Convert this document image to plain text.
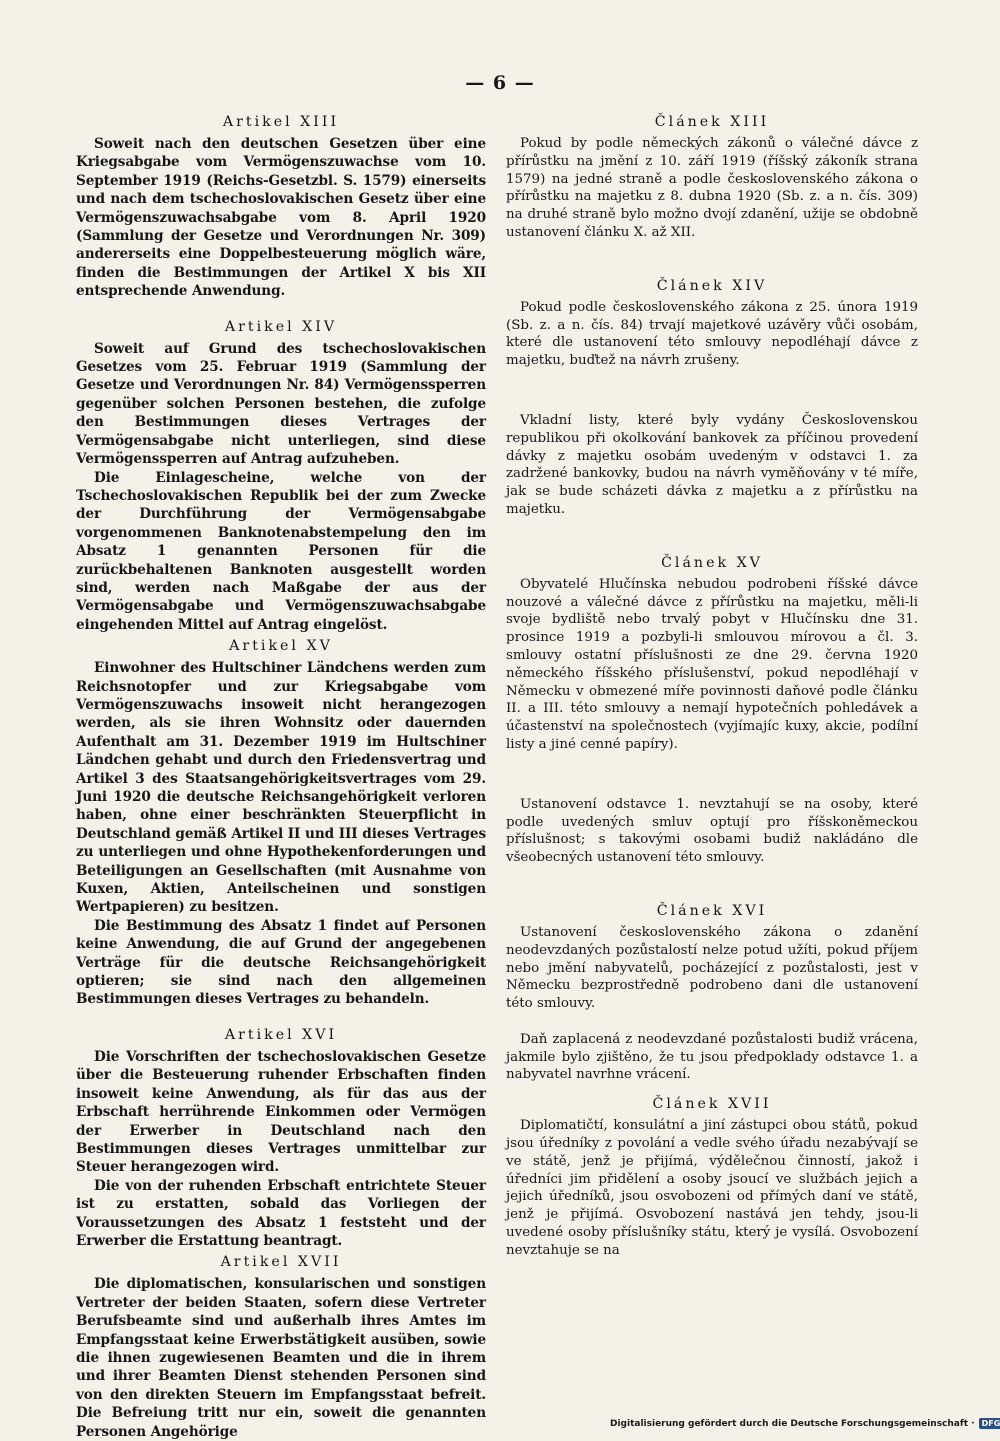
— 6 —
Artikel XIII

Soweit nach den deutschen Gesetzen über eine Kriegsabgabe vom Vermögenszuwachse vom 10. September 1919 (Reichs-Gesetzbl. S. 1579) einerseits und nach dem tschechoslovakischen Gesetz über eine Vermögenszuwachsabgabe vom 8. April 1920 (Sammlung der Gesetze und Verordnungen Nr. 309) andererseits eine Doppelbesteuerung möglich wäre, finden die Bestimmungen der Artikel X bis XII entsprechende Anwendung.

Artikel XIV

Soweit auf Grund des tschechoslovakischen Gesetzes vom 25. Februar 1919 (Sammlung der Gesetze und Verordnungen Nr. 84) Vermögenssperren gegenüber solchen Personen bestehen, die zufolge den Bestimmungen dieses Vertrages der Vermögensabgabe nicht unterliegen, sind diese Vermögenssperren auf Antrag aufzuheben.

Die Einlagescheine, welche von der Tschechoslovakischen Republik bei der zum Zwecke der Durchführung der Vermögensabgabe vorgenommenen Banknotenabstempelung den im Absatz 1 genannten Personen für die zurückbehaltenen Banknoten ausgestellt worden sind, werden nach Maßgabe der aus der Vermögensabgabe und Vermögenszuwachsabgabe eingehenden Mittel auf Antrag eingelöst.

Artikel XV

Einwohner des Hultschiner Ländchens werden zum Reichsnotopfer und zur Kriegsabgabe vom Vermögenszuwachs insoweit nicht herangezogen werden, als sie ihren Wohnsitz oder dauernden Aufenthalt am 31. Dezember 1919 im Hultschiner Ländchen gehabt und durch den Friedensvertrag und Artikel 3 des Staatsangehörigkeitsvertrages vom 29. Juni 1920 die deutsche Reichsangehörigkeit verloren haben, ohne einer beschränkten Steuerpflicht in Deutschland gemäß Artikel II und III dieses Vertrages zu unterliegen und ohne Hypothekenforderungen und Beteiligungen an Gesellschaften (mit Ausnahme von Kuxen, Aktien, Anteilscheinen und sonstigen Wertpapieren) zu besitzen.

Die Bestimmung des Absatz 1 findet auf Personen keine Anwendung, die auf Grund der angegebenen Verträge für die deutsche Reichsangehörigkeit optieren; sie sind nach den allgemeinen Bestimmungen dieses Vertrages zu behandeln.

Artikel XVI

Die Vorschriften der tschechoslovakischen Gesetze über die Besteuerung ruhender Erbschaften finden insoweit keine Anwendung, als für das aus der Erbschaft herrührende Einkommen oder Vermögen der Erwerber in Deutschland nach den Bestimmungen dieses Vertrages unmittelbar zur Steuer herangezogen wird.

Die von der ruhenden Erbschaft entrichtete Steuer ist zu erstatten, sobald das Vorliegen der Voraussetzungen des Absatz 1 feststeht und der Erwerber die Erstattung beantragt.

Artikel XVII

Die diplomatischen, konsularischen und sonstigen Vertreter der beiden Staaten, sofern diese Vertreter Berufsbeamte sind und außerhalb ihres Amtes im Empfangsstaat keine Erwerbstätigkeit ausüben, sowie die ihnen zugewiesenen Beamten und die in ihrem und ihrer Beamten Dienst stehenden Personen sind von den direkten Steuern im Empfangsstaat befreit. Die Befreiung tritt nur ein, soweit die genannten Personen Angehörige

Článek XIII

Pokud by podle německých zákonů o válečné dávce z přírůstku na jmění z 10. září 1919 (říšský zákoník strana 1579) na jedné straně a podle československého zákona o přírůstku na majetku z 8. dubna 1920 (Sb. z. a n. čís. 309) na druhé straně bylo možno dvojí zdanění, užije se obdobně ustanovení článku X. až XII.

Článek XIV

Pokud podle československého zákona z 25. února 1919 (Sb. z. a n. čís. 84) trvají majetkové uzávěry vůči osobám, které dle ustanovení této smlouvy nepodléhají dávce z majetku, buďtež na návrh zrušeny.

Vkladní listy, které byly vydány Československou republikou při okolkování bankovek za příčinou provedení dávky z majetku osobám uvedeným v odstavci 1. za zadržené bankovky, budou na návrh vyměňovány v té míře, jak se bude scházeti dávka z majetku a z přírůstku na majetku.

Článek XV

Obyvatelé Hlučínska nebudou podrobeni říšské dávce nouzové a válečné dávce z přírůstku na majetku, měli-li svoje bydliště nebo trvalý pobyt v Hlučínsku dne 31. prosince 1919 a pozbyli-li smlouvou mírovou a čl. 3. smlouvy ostatní příslušnosti ze dne 29. června 1920 německého říšského příslušenství, pokud nepodléhají v Německu v obmezené míře povinnosti daňové podle článku II. a III. této smlouvy a nemají hypotečních pohledávek a účastenství na společnostech (vyjímajíc kuxy, akcie, podílní listy a jiné cenné papíry).

Ustanovení odstavce 1. nevztahují se na osoby, které podle uvedených smluv optují pro říšskoněmeckou příslušnost; s takovými osobami budiž nakládáno dle všeobecných ustanovení této smlouvy.

Článek XVI

Ustanovení československého zákona o zdanění neodevzdaných pozůstalostí nelze potud užíti, pokud příjem nebo jmění nabyvatelů, pocházející z pozůstalosti, jest v Německu bezprostředně podrobeno dani dle ustanovení této smlouvy.

Daň zaplacená z neodevzdané pozůstalosti budiž vrácena, jakmile bylo zjištěno, že tu jsou předpoklady odstavce 1. a nabyvatel navrhne vrácení.

Článek XVII

Diplomatičtí, konsulátní a jiní zástupci obou států, pokud jsou úředníky z povolání a vedle svého úřadu nezabývají se ve státě, jenž je přijímá, výdělečnou činností, jakož i úředníci jim přidělení a osoby jsoucí ve službách jejich a jejich úředníků, jsou osvobozeni od přímých daní ve státě, jenž je přijímá. Osvobození nastává jen tehdy, jsou-li uvedené osoby příslušníky státu, který je vysílá. Osvobození nevztahuje se na

Digitalisierung gefördert durch die Deutsche Forschungsgemeinschaft · DFG
